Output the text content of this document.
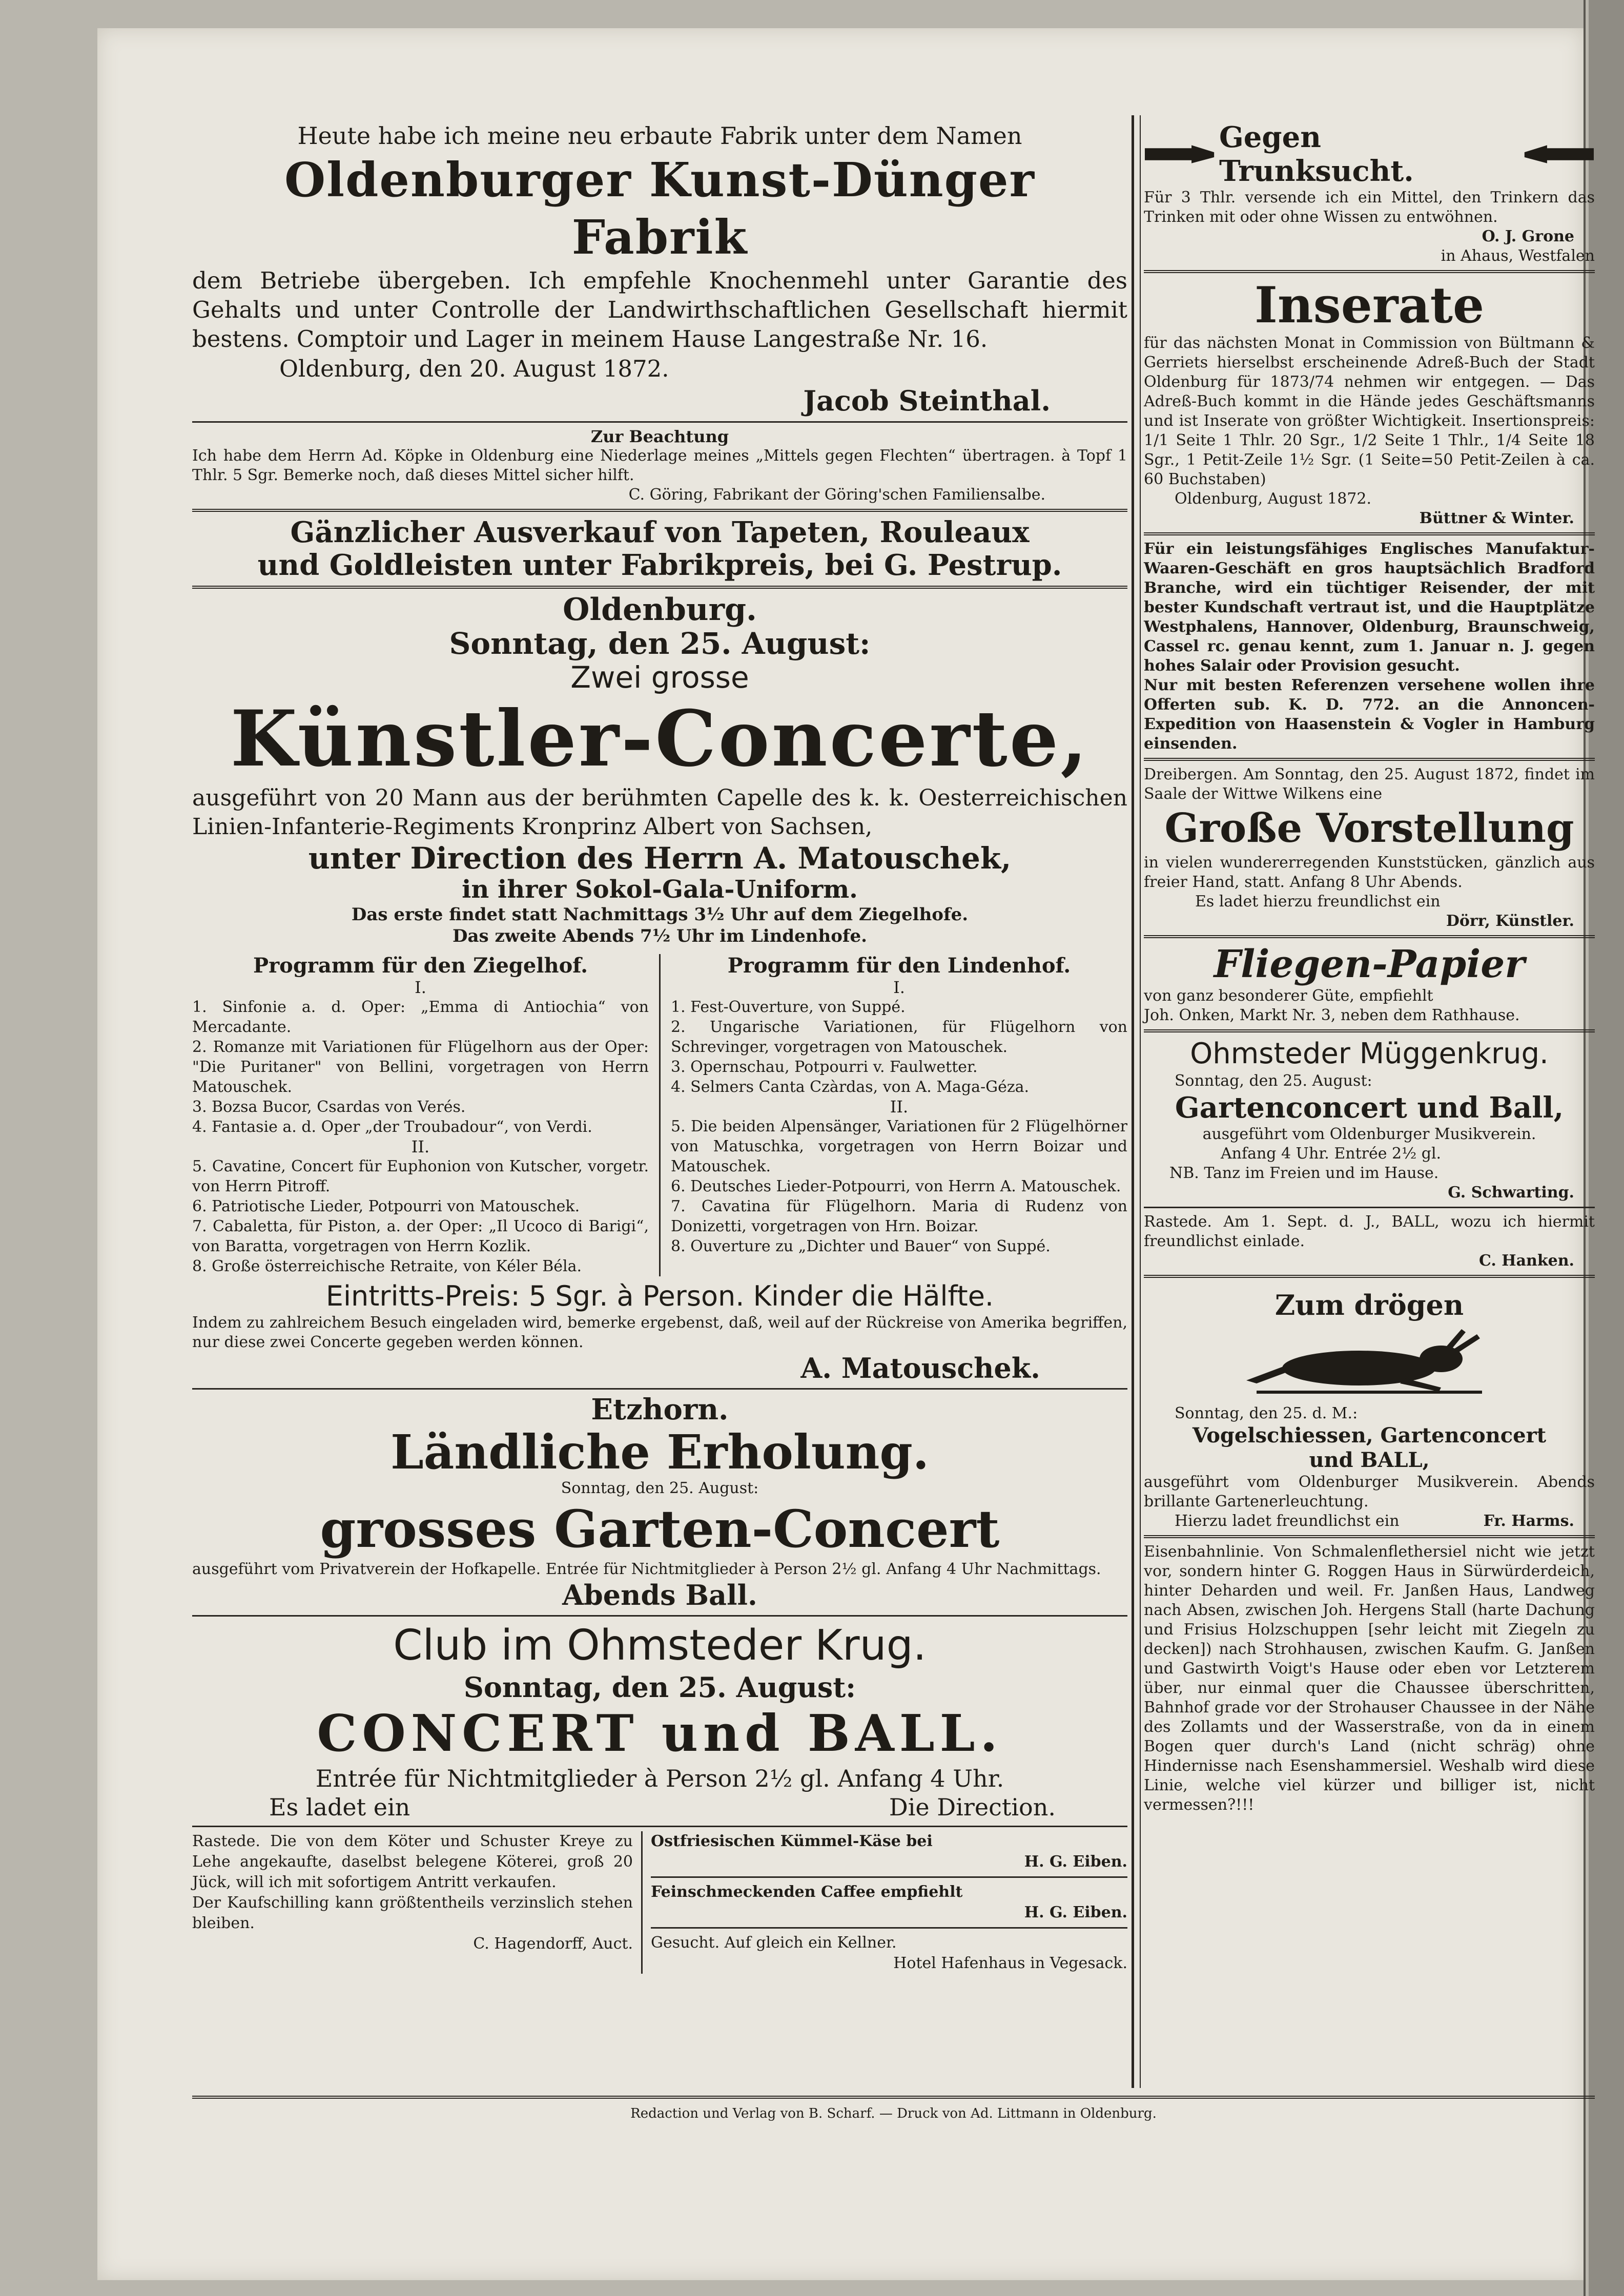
Heute habe ich meine neu erbaute Fabrik unter dem Namen

Oldenburger Kunst-Dünger Fabrik

dem Betriebe übergeben. Ich empfehle Knochenmehl unter Garantie des Gehalts und unter Controlle der Landwirthschaftlichen Gesellschaft hiermit bestens. Comptoir und Lager in meinem Hause Langestraße Nr. 16.

Oldenburg, den 20. August 1872.

Jacob Steinthal.

Zur Beachtung

Ich habe dem Herrn Ad. Köpke in Oldenburg eine Niederlage meines „Mittels gegen Flechten“ übertragen. à Topf 1 Thlr. 5 Sgr. Bemerke noch, daß dieses Mittel sicher hilft.

C. Göring, Fabrikant der Göring'schen Familiensalbe.

Gänzlicher Ausverkauf von Tapeten, Rouleaux

und Goldleisten unter Fabrikpreis, bei G. Pestrup.

Oldenburg.

Sonntag, den 25. August:

Zwei grosse

Künstler-Concerte,

ausgeführt von 20 Mann aus der berühmten Capelle des k. k. Oesterreichischen Linien-Infanterie-Regiments Kronprinz Albert von Sachsen,

unter Direction des Herrn A. Matouschek,

in ihrer Sokol-Gala-Uniform.

Das erste findet statt Nachmittags 3½ Uhr auf dem Ziegelhofe.

Das zweite Abends 7½ Uhr im Lindenhofe.

Programm für den Ziegelhof.

I.

1. Sinfonie a. d. Oper: „Emma di Antiochia“ von Mercadante.

2. Romanze mit Variationen für Flügelhorn aus der Oper: "Die Puritaner" von Bellini, vorgetragen von Herrn Matouschek.

3. Bozsa Bucor, Csardas von Verés.

4. Fantasie a. d. Oper „der Troubadour“, von Verdi.

II.

5. Cavatine, Concert für Euphonion von Kutscher, vorgetr. von Herrn Pitroff.

6. Patriotische Lieder, Potpourri von Matouschek.

7. Cabaletta, für Piston, a. der Oper: „Il Ucoco di Barigi“, von Baratta, vorgetragen von Herrn Kozlik.

8. Große österreichische Retraite, von Kéler Béla.

Programm für den Lindenhof.

I.

1. Fest-Ouverture, von Suppé.

2. Ungarische Variationen, für Flügelhorn von Schrevinger, vorgetragen von Matouschek.

3. Opernschau, Potpourri v. Faulwetter.

4. Selmers Canta Czàrdas, von A. Maga-Géza.

II.

5. Die beiden Alpensänger, Variationen für 2 Flügelhörner von Matuschka, vorgetragen von Herrn Boizar und Matouschek.

6. Deutsches Lieder-Potpourri, von Herrn A. Matouschek.

7. Cavatina für Flügelhorn. Maria di Rudenz von Donizetti, vorgetragen von Hrn. Boizar.

8. Ouverture zu „Dichter und Bauer“ von Suppé.

Eintritts-Preis: 5 Sgr. à Person. Kinder die Hälfte.

Indem zu zahlreichem Besuch eingeladen wird, bemerke ergebenst, daß, weil auf der Rückreise von Amerika begriffen, nur diese zwei Concerte gegeben werden können.

A. Matouschek.

Etzhorn.

Ländliche Erholung.

Sonntag, den 25. August:

grosses Garten-Concert

ausgeführt vom Privatverein der Hofkapelle. Entrée für Nichtmitglieder à Person 2½ gl. Anfang 4 Uhr Nachmittags.

Abends Ball.

Club im Ohmsteder Krug.

Sonntag, den 25. August:

CONCERT und BALL.

Entrée für Nichtmitglieder à Person 2½ gl. Anfang 4 Uhr.

Es ladet ein	Die Direction.

Rastede. Die von dem Köter und Schuster Kreye zu Lehe angekaufte, daselbst belegene Köterei, groß 20 Jück, will ich mit sofortigem Antritt verkaufen.

Der Kaufschilling kann größtentheils verzinslich stehen bleiben.

C. Hagendorff, Auct.

Ostfriesischen Kümmel-Käse bei

H. G. Eiben.

Feinschmeckenden Caffee empfiehlt

H. G. Eiben.

Gesucht. Auf gleich ein Kellner.

Hotel Hafenhaus in Vegesack.

Gegen Trunksucht.

Für 3 Thlr. versende ich ein Mittel, den Trinkern das Trinken mit oder ohne Wissen zu entwöhnen.

O. J. Grone

in Ahaus, Westfalen

Inserate

für das nächsten Monat in Commission von Bültmann & Gerriets hierselbst erscheinende Adreß-Buch der Stadt Oldenburg für 1873/74 nehmen wir entgegen. — Das Adreß-Buch kommt in die Hände jedes Geschäftsmanns und ist Inserate von größter Wichtigkeit. Insertionspreis: 1/1 Seite 1 Thlr. 20 Sgr., 1/2 Seite 1 Thlr., 1/4 Seite 18 Sgr., 1 Petit-Zeile 1½ Sgr. (1 Seite=50 Petit-Zeilen à ca. 60 Buchstaben)

Oldenburg, August 1872.

Büttner & Winter.

Für ein leistungsfähiges Englisches Manufaktur-Waaren-Geschäft en gros hauptsächlich Bradford Branche, wird ein tüchtiger Reisender, der mit bester Kundschaft vertraut ist, und die Hauptplätze Westphalens, Hannover, Oldenburg, Braunschweig, Cassel rc. genau kennt, zum 1. Januar n. J. gegen hohes Salair oder Provision gesucht.

Nur mit besten Referenzen versehene wollen ihre Offerten sub. K. D. 772. an die Annoncen-Expedition von Haasenstein & Vogler in Hamburg einsenden.

Dreibergen. Am Sonntag, den 25. August 1872, findet im Saale der Wittwe Wilkens eine

Große Vorstellung

in vielen wundererregenden Kunststücken, gänzlich aus freier Hand, statt. Anfang 8 Uhr Abends.

Es ladet hierzu freundlichst ein

Dörr, Künstler.

Fliegen-Papier

von ganz besonderer Güte, empfiehlt

Joh. Onken, Markt Nr. 3, neben dem Rathhause.

Ohmsteder Müggenkrug.

Sonntag, den 25. August:

Gartenconcert und Ball,

ausgeführt vom Oldenburger Musikverein.

Anfang 4 Uhr. Entrée 2½ gl.

NB. Tanz im Freien und im Hause.

G. Schwarting.

Rastede. Am 1. Sept. d. J., BALL, wozu ich hiermit freundlichst einlade.

C. Hanken.

Zum drögen

Sonntag, den 25. d. M.:

Vogelschiessen, Gartenconcert

und BALL,

ausgeführt vom Oldenburger Musikverein. Abends brillante Gartenerleuchtung.

Hierzu ladet freundlichst ein	Fr. Harms.

Eisenbahnlinie. Von Schmalenflethersiel nicht wie jetzt vor, sondern hinter G. Roggen Haus in Sürwürderdeich, hinter Deharden und weil. Fr. Janßen Haus, Landweg nach Absen, zwischen Joh. Hergens Stall (harte Dachung und Frisius Holzschuppen [sehr leicht mit Ziegeln zu decken]) nach Strohhausen, zwischen Kaufm. G. Janßen und Gastwirth Voigt's Hause oder eben vor Letzterem über, nur einmal quer die Chaussee überschritten, Bahnhof grade vor der Strohauser Chaussee in der Nähe des Zollamts und der Wasserstraße, von da in einem Bogen quer durch's Land (nicht schräg) ohne Hindernisse nach Esenshammersiel. Weshalb wird diese Linie, welche viel kürzer und billiger ist, nicht vermessen?!!!

Redaction und Verlag von B. Scharf. — Druck von Ad. Littmann in Oldenburg.
